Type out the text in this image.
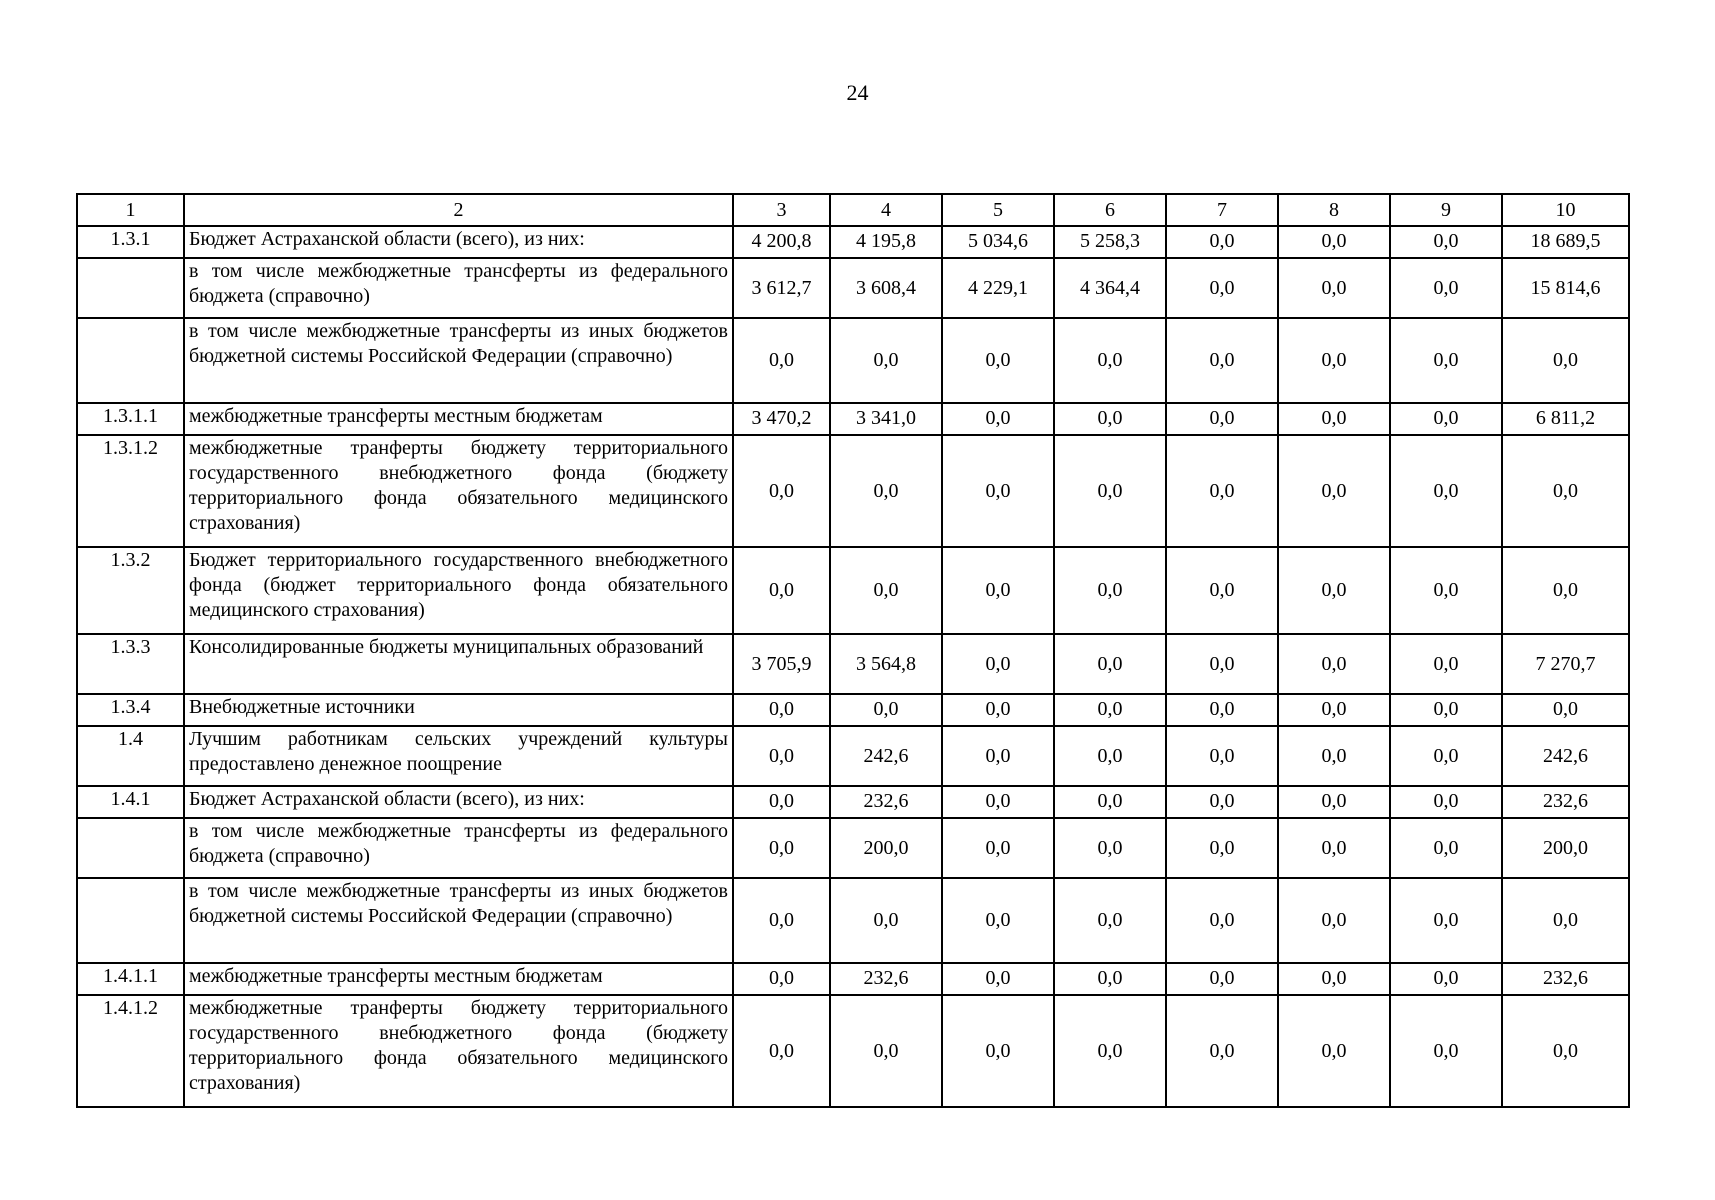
24
1	2	3	4	5	6	7	8	9	10
1.3.1	Бюджет Астраханской области (всего), из них:	4 200,8	4 195,8	5 034,6	5 258,3	0,0	0,0	0,0	18 689,5
	в том числе межбюджетные трансферты из федерального бюджета (справочно)	3 612,7	3 608,4	4 229,1	4 364,4	0,0	0,0	0,0	15 814,6
	в том числе межбюджетные трансферты из иных бюджетов бюджетной системы Российской Федерации (справочно)	0,0	0,0	0,0	0,0	0,0	0,0	0,0	0,0
1.3.1.1	межбюджетные трансферты местным бюджетам	3 470,2	3 341,0	0,0	0,0	0,0	0,0	0,0	6 811,2
1.3.1.2	межбюджетные транферты бюджету территориального государственного внебюджетного фонда (бюджету территориального фонда обязательного медицинского страхования)	0,0	0,0	0,0	0,0	0,0	0,0	0,0	0,0
1.3.2	Бюджет территориального государственного внебюджетного фонда (бюджет территориального фонда обязательного медицинского страхования)	0,0	0,0	0,0	0,0	0,0	0,0	0,0	0,0
1.3.3	Консолидированные бюджеты муниципальных образований	3 705,9	3 564,8	0,0	0,0	0,0	0,0	0,0	7 270,7
1.3.4	Внебюджетные источники	0,0	0,0	0,0	0,0	0,0	0,0	0,0	0,0
1.4	Лучшим работникам сельских учреждений культуры предоставлено денежное поощрение	0,0	242,6	0,0	0,0	0,0	0,0	0,0	242,6
1.4.1	Бюджет Астраханской области (всего), из них:	0,0	232,6	0,0	0,0	0,0	0,0	0,0	232,6
	в том числе межбюджетные трансферты из федерального бюджета (справочно)	0,0	200,0	0,0	0,0	0,0	0,0	0,0	200,0
	в том числе межбюджетные трансферты из иных бюджетов бюджетной системы Российской Федерации (справочно)	0,0	0,0	0,0	0,0	0,0	0,0	0,0	0,0
1.4.1.1	межбюджетные трансферты местным бюджетам	0,0	232,6	0,0	0,0	0,0	0,0	0,0	232,6
1.4.1.2	межбюджетные транферты бюджету территориального государственного внебюджетного фонда (бюджету территориального фонда обязательного медицинского страхования)	0,0	0,0	0,0	0,0	0,0	0,0	0,0	0,0
